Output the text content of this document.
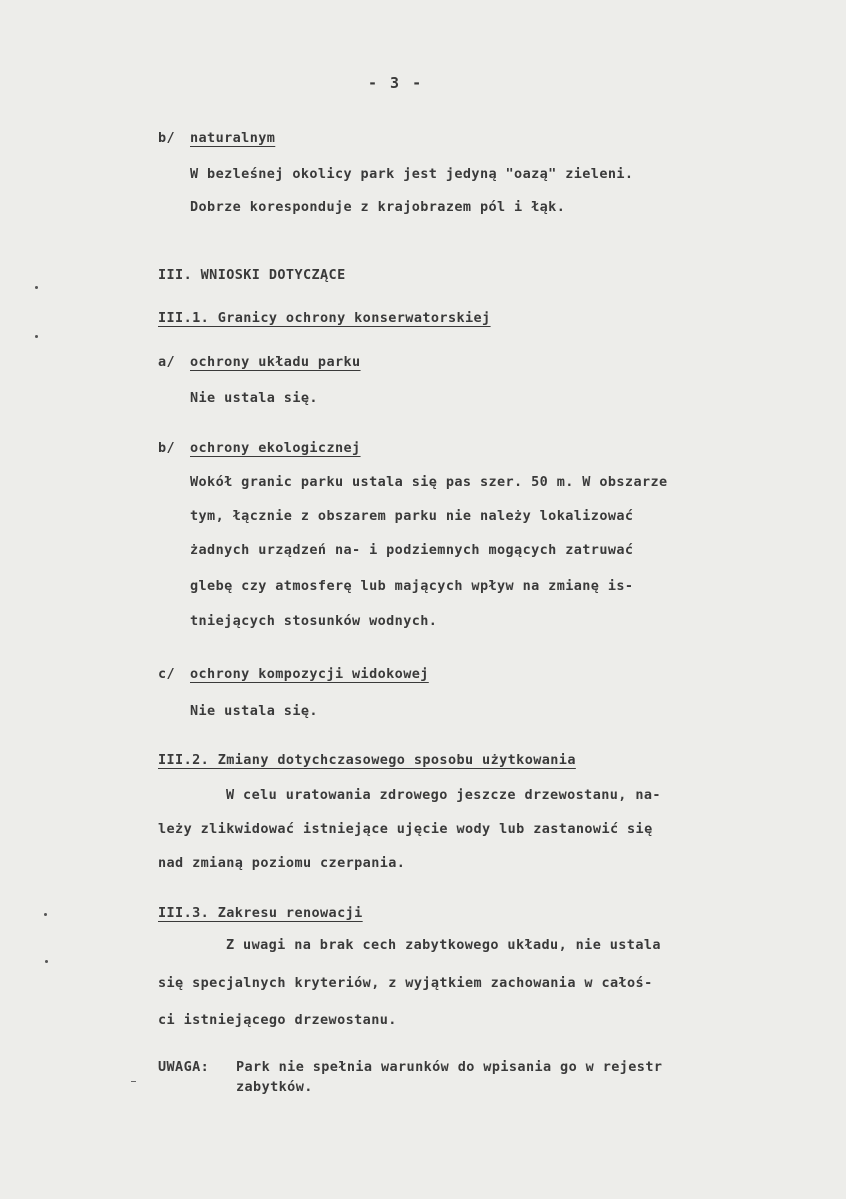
- 3 -
b/ naturalnym
W bezleśnej okolicy park jest jedyną "oazą" zieleni.
Dobrze koresponduje z krajobrazem pól i łąk.
III. WNIOSKI DOTYCZĄCE
III.1. Granicy ochrony konserwatorskiej
a/ ochrony układu parku
Nie ustala się.
b/ ochrony ekologicznej
Wokół granic parku ustala się pas szer. 50 m. W obszarze
tym, łącznie z obszarem parku nie należy lokalizować
żadnych urządzeń na- i podziemnych mogących zatruwać
glebę czy atmosferę lub mających wpływ na zmianę is-
tniejących stosunków wodnych.
c/ ochrony kompozycji widokowej
Nie ustala się.
III.2. Zmiany dotychczasowego sposobu użytkowania
W celu uratowania zdrowego jeszcze drzewostanu, na-
leży zlikwidować istniejące ujęcie wody lub zastanowić się
nad zmianą poziomu czerpania.
III.3. Zakresu renowacji
Z uwagi na brak cech zabytkowego układu, nie ustala
się specjalnych kryteriów, z wyjątkiem zachowania w całoś-
ci istniejącego drzewostanu.
UWAGA: Park nie spełnia warunków do wpisania go w rejestr
zabytków.
